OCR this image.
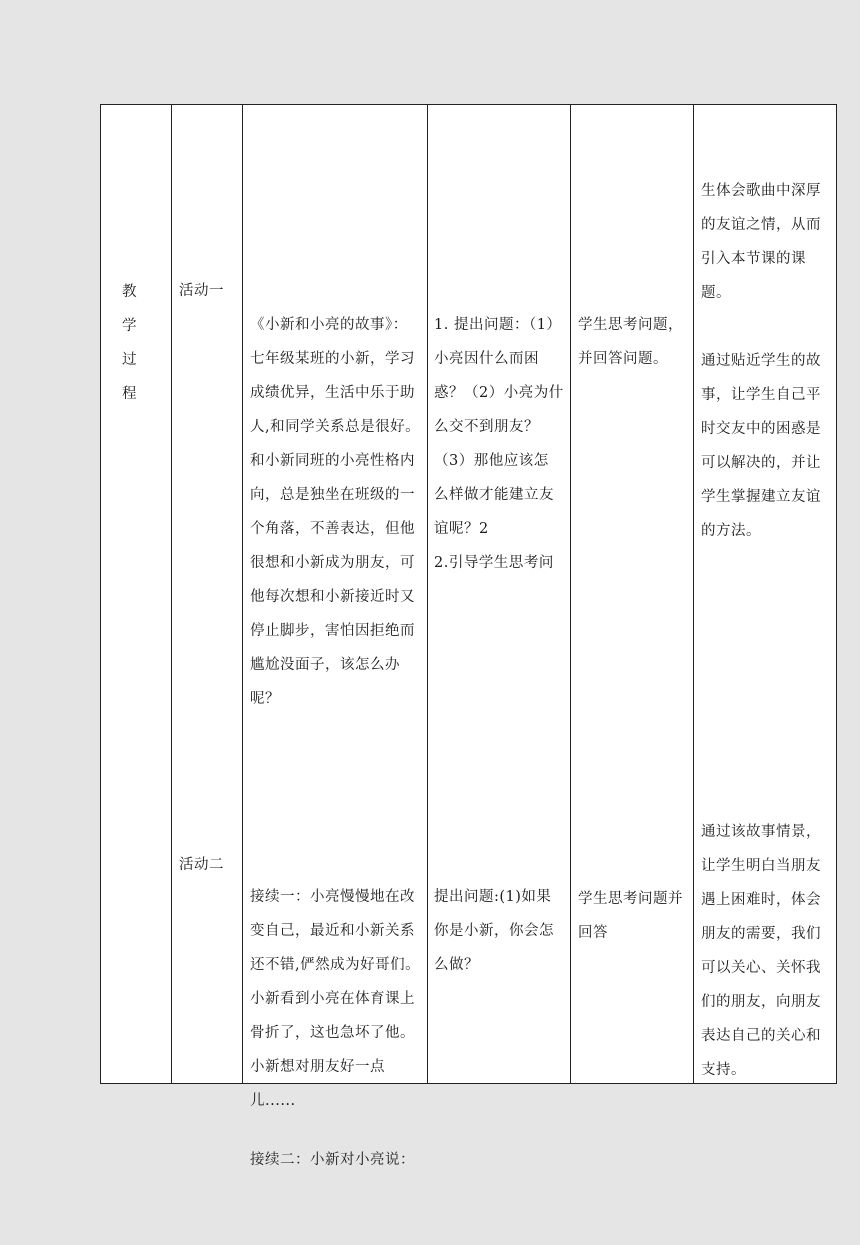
教
学
过
程

活动一
活动二

《小新和小亮的故事》：
七年级某班的小新，学习
成绩优异，生活中乐于助
人,和同学关系总是很好。
和小新同班的小亮性格内
向，总是独坐在班级的一
个角落，不善表达，但他
很想和小新成为朋友，可
他每次想和小新接近时又
停止脚步，害怕因拒绝而
尴尬没面子，该怎么办
呢？

1. 提出问题：（1）
小亮因什么而困
惑？（2）小亮为什
么交不到朋友？
（3）那他应该怎
么样做才能建立友
谊呢？2
2.引导学生思考问

学生思考问题，
并回答问题。

生体会歌曲中深厚
的友谊之情，从而
引入本节课的课
题。

通过贴近学生的故
事，让学生自己平
时交友中的困惑是
可以解决的，并让
学生掌握建立友谊
的方法。

接续一：小亮慢慢地在改
变自己，最近和小新关系
还不错,俨然成为好哥们。
小新看到小亮在体育课上
骨折了，这也急坏了他。
小新想对朋友好一点
儿......
接续二：小新对小亮说：

提出问题:(1)如果
你是小新，你会怎
么做？

学生思考问题并
回答

通过该故事情景，
让学生明白当朋友
遇上困难时，体会
朋友的需要，我们
可以关心、关怀我
们的朋友，向朋友
表达自己的关心和
支持。
